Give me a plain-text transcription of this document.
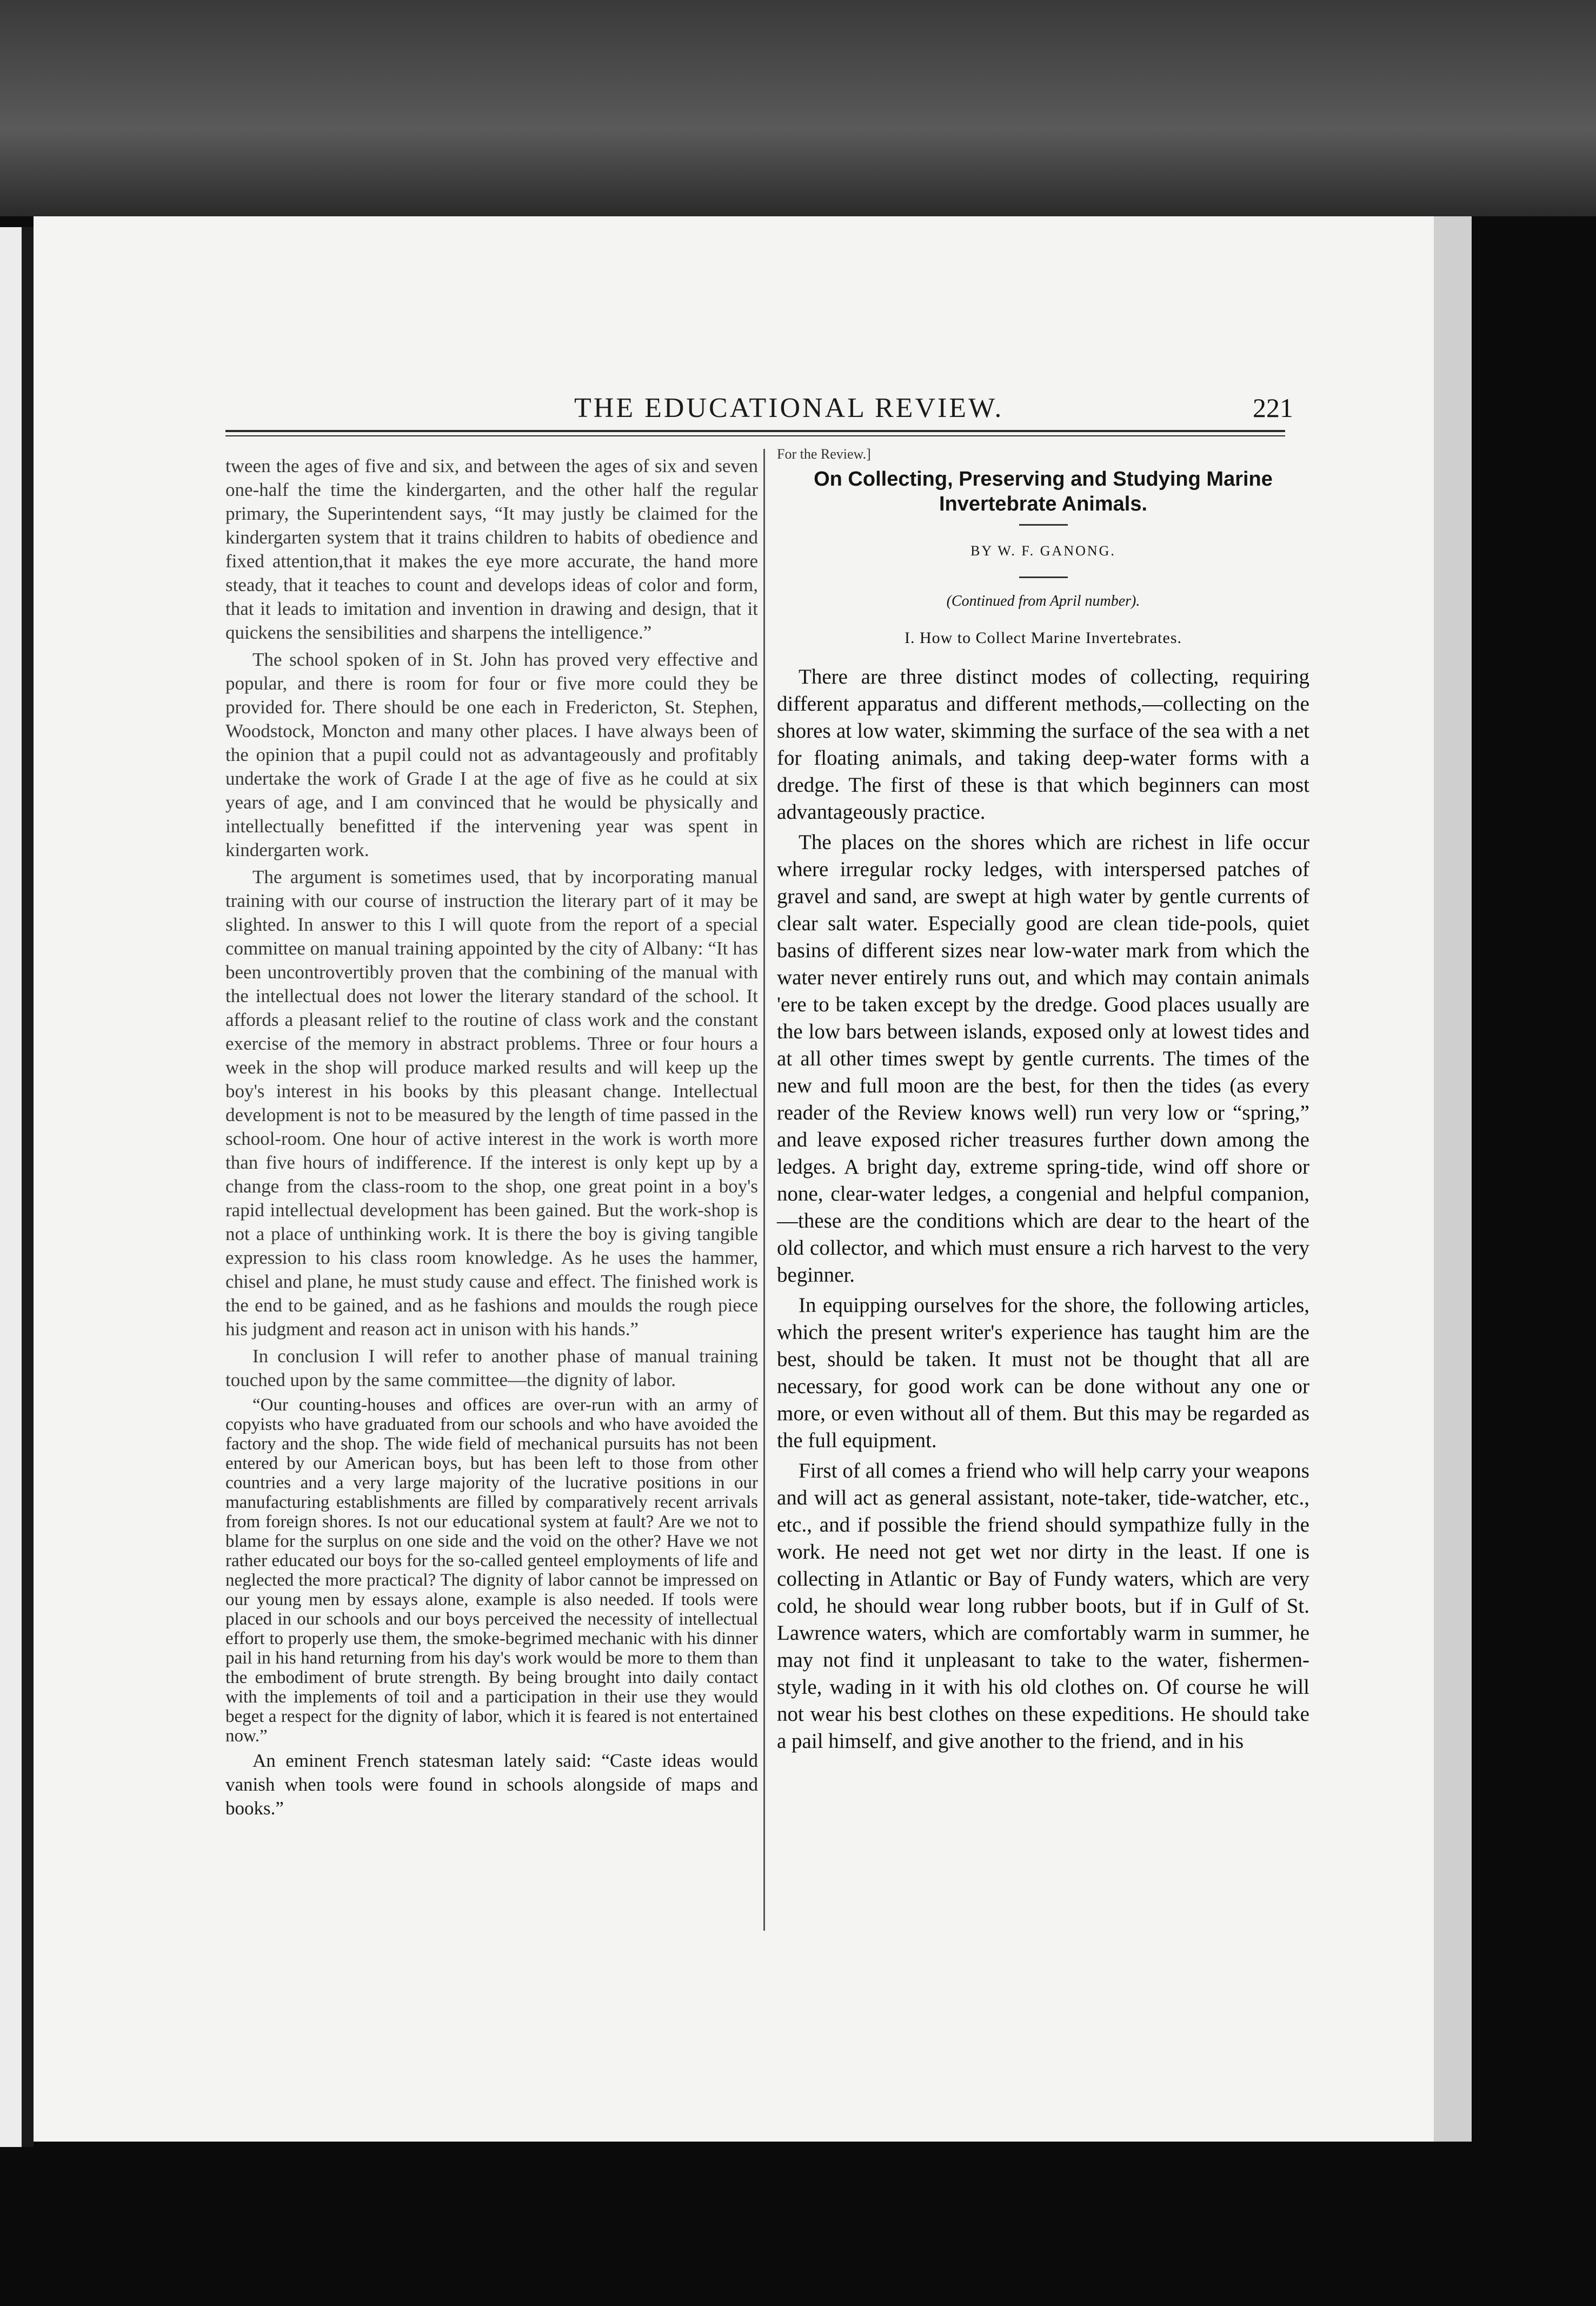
THE EDUCATIONAL REVIEW.	221

tween the ages of five and six, and between the ages of six and seven one-half the time the kindergarten, and the other half the regular primary, the Superintendent says, “It may justly be claimed for the kindergarten system that it trains children to habits of obedience and fixed attention,that it makes the eye more accurate, the hand more steady, that it teaches to count and develops ideas of color and form, that it leads to imitation and invention in drawing and design, that it quickens the sensibilities and sharpens the intelligence.”

The school spoken of in St. John has proved very effective and popular, and there is room for four or five more could they be provided for. There should be one each in Fredericton, St. Stephen, Woodstock, Moncton and many other places. I have always been of the opinion that a pupil could not as advantageously and profitably undertake the work of Grade I at the age of five as he could at six years of age, and I am convinced that he would be physically and intellectually benefitted if the intervening year was spent in kindergarten work.

The argument is sometimes used, that by incorporating manual training with our course of instruction the literary part of it may be slighted. In answer to this I will quote from the report of a special committee on manual training appointed by the city of Albany: “It has been uncontrovertibly proven that the combining of the manual with the intellectual does not lower the literary standard of the school. It affords a pleasant relief to the routine of class work and the constant exercise of the memory in abstract problems. Three or four hours a week in the shop will produce marked results and will keep up the boy's interest in his books by this pleasant change. Intellectual development is not to be measured by the length of time passed in the school-room. One hour of active interest in the work is worth more than five hours of indifference. If the interest is only kept up by a change from the class-room to the shop, one great point in a boy's rapid intellectual development has been gained. But the work-shop is not a place of unthinking work. It is there the boy is giving tangible expression to his class room knowledge. As he uses the hammer, chisel and plane, he must study cause and effect. The finished work is the end to be gained, and as he fashions and moulds the rough piece his judgment and reason act in unison with his hands.”

In conclusion I will refer to another phase of manual training touched upon by the same committee—the dignity of labor.

“Our counting-houses and offices are over-run with an army of copyists who have graduated from our schools and who have avoided the factory and the shop. The wide field of mechanical pursuits has not been entered by our American boys, but has been left to those from other countries and a very large majority of the lucrative positions in our manufacturing establishments are filled by comparatively recent arrivals from foreign shores. Is not our educational system at fault? Are we not to blame for the surplus on one side and the void on the other? Have we not rather educated our boys for the so-called genteel employments of life and neglected the more practical? The dignity of labor cannot be impressed on our young men by essays alone, example is also needed. If tools were placed in our schools and our boys perceived the necessity of intellectual effort to properly use them, the smoke-begrimed mechanic with his dinner pail in his hand returning from his day's work would be more to them than the embodiment of brute strength. By being brought into daily contact with the implements of toil and a participation in their use they would beget a respect for the dignity of labor, which it is feared is not entertained now.”

An eminent French statesman lately said: “Caste ideas would vanish when tools were found in schools alongside of maps and books.”

For the Review.]
On Collecting, Preserving and Studying Marine
Invertebrate Animals.
BY W. F. GANONG.
(Continued from April number).
I. How to Collect Marine Invertebrates.

There are three distinct modes of collecting, requiring different apparatus and different methods,—collecting on the shores at low water, skimming the surface of the sea with a net for floating animals, and taking deep-water forms with a dredge. The first of these is that which beginners can most advantageously practice.

The places on the shores which are richest in life occur where irregular rocky ledges, with interspersed patches of gravel and sand, are swept at high water by gentle currents of clear salt water. Especially good are clean tide-pools, quiet basins of different sizes near low-water mark from which the water never entirely runs out, and which may contain animals 'ere to be taken except by the dredge. Good places usually are the low bars between islands, exposed only at lowest tides and at all other times swept by gentle currents. The times of the new and full moon are the best, for then the tides (as every reader of the Review knows well) run very low or “spring,” and leave exposed richer treasures further down among the ledges. A bright day, extreme spring-tide, wind off shore or none, clear-water ledges, a congenial and helpful companion,—these are the conditions which are dear to the heart of the old collector, and which must ensure a rich harvest to the very beginner.

In equipping ourselves for the shore, the following articles, which the present writer's experience has taught him are the best, should be taken. It must not be thought that all are necessary, for good work can be done without any one or more, or even without all of them. But this may be regarded as the full equipment.

First of all comes a friend who will help carry your weapons and will act as general assistant, note-taker, tide-watcher, etc., etc., and if possible the friend should sympathize fully in the work. He need not get wet nor dirty in the least. If one is collecting in Atlantic or Bay of Fundy waters, which are very cold, he should wear long rubber boots, but if in Gulf of St. Lawrence waters, which are comfortably warm in summer, he may not find it unpleasant to take to the water, fishermen-style, wading in it with his old clothes on. Of course he will not wear his best clothes on these expeditions. He should take a pail himself, and give another to the friend, and in his
